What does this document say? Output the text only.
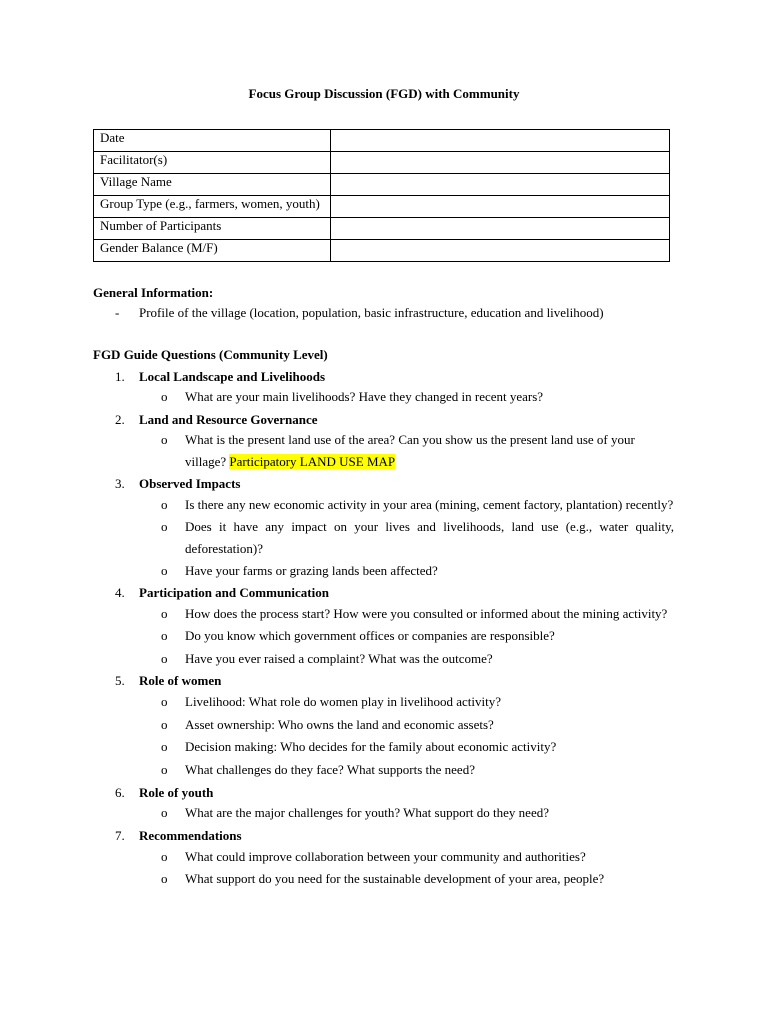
Focus Group Discussion (FGD) with Community
Date	
Facilitator(s)	
Village Name	
Group Type (e.g., farmers, women, youth)	
Number of Participants	
Gender Balance (M/F)	
General Information:
-	Profile of the village (location, population, basic infrastructure, education and livelihood)
FGD Guide Questions (Community Level)
1. Local Landscape and Livelihoods
o	What are your main livelihoods? Have they changed in recent years?
2. Land and Resource Governance
o	What is the present land use of the area? Can you show us the present land use of your village? Participatory LAND USE MAP
3. Observed Impacts
o	Is there any new economic activity in your area (mining, cement factory, plantation) recently?
o	Does it have any impact on your lives and livelihoods, land use (e.g., water quality, deforestation)?
o	Have your farms or grazing lands been affected?
4. Participation and Communication
o	How does the process start? How were you consulted or informed about the mining activity?
o	Do you know which government offices or companies are responsible?
o	Have you ever raised a complaint? What was the outcome?
5. Role of women
o	Livelihood: What role do women play in livelihood activity?
o	Asset ownership: Who owns the land and economic assets?
o	Decision making: Who decides for the family about economic activity?
o	What challenges do they face? What supports the need?
6. Role of youth
o	What are the major challenges for youth? What support do they need?
7. Recommendations
o	What could improve collaboration between your community and authorities?
o	What support do you need for the sustainable development of your area, people?
